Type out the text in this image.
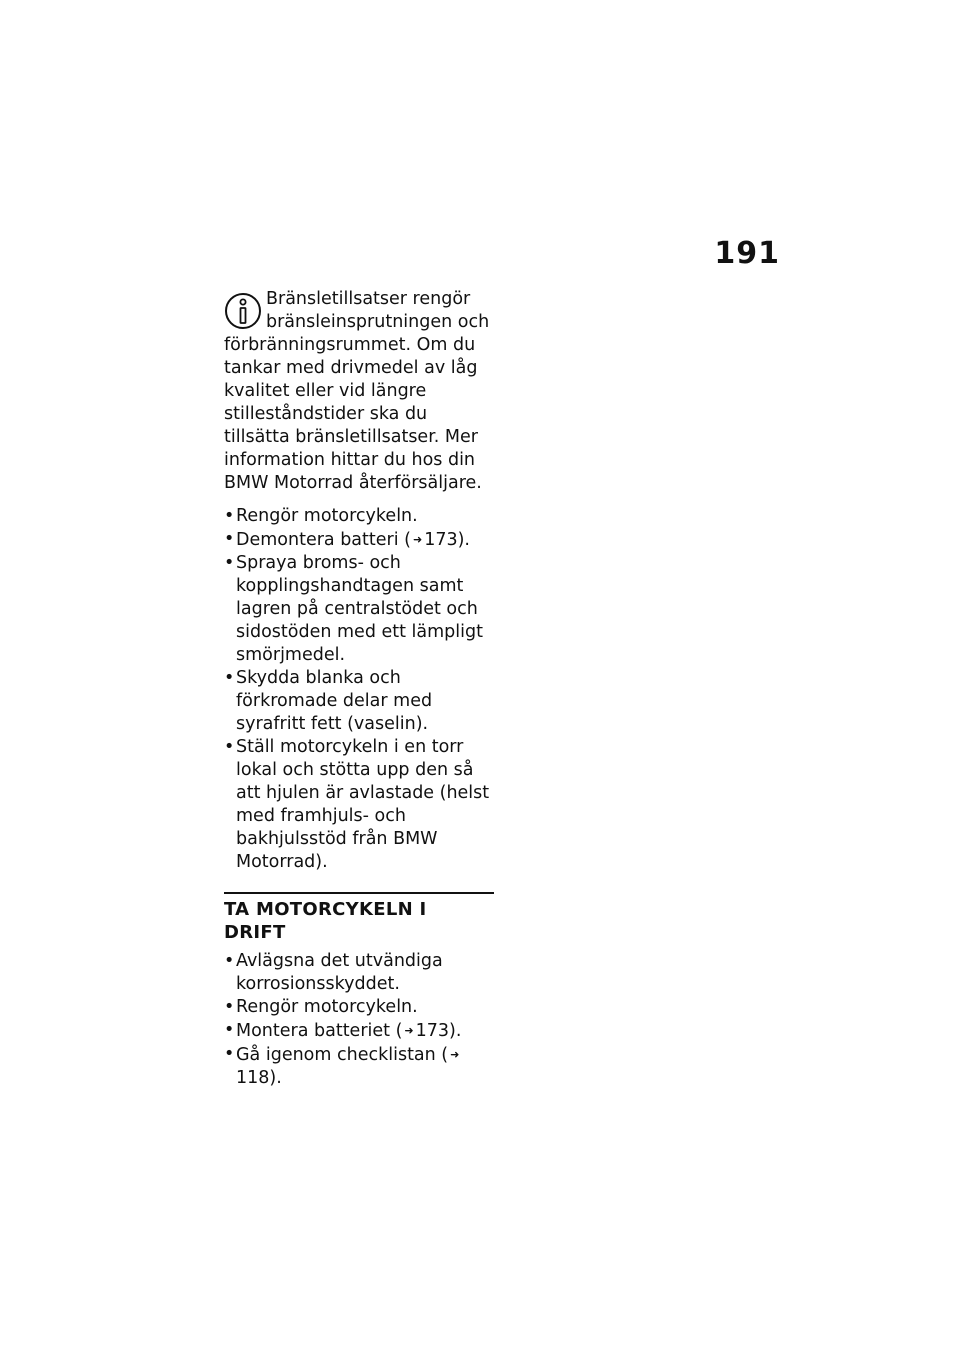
191

Bränsletillsatser rengör bränsleinsprutningen och förbränningsrummet. Om du tankar med drivmedel av låg kvalitet eller vid längre stilleståndstider ska du tillsätta bränsletillsatser. Mer information hittar du hos din BMW Motorrad återförsäljare.

• Rengör motorcykeln.
• Demontera batteri ( ➜ 173).
• Spraya broms- och kopplingshandtagen samt lagren på centralstödet och sidostöden med ett lämpligt smörjmedel.
• Skydda blanka och förkromade delar med syrafritt fett (vaselin).
• Ställ motorcykeln i en torr lokal och stötta upp den så att hjulen är avlastade (helst med framhjuls- och bakhjulsstöd från BMW Motorrad).
TA MOTORCYKELN I DRIFT
• Avlägsna det utvändiga korrosionsskyddet.
• Rengör motorcykeln.
• Montera batteriet ( ➜ 173).
• Gå igenom checklistan ( ➜118).
